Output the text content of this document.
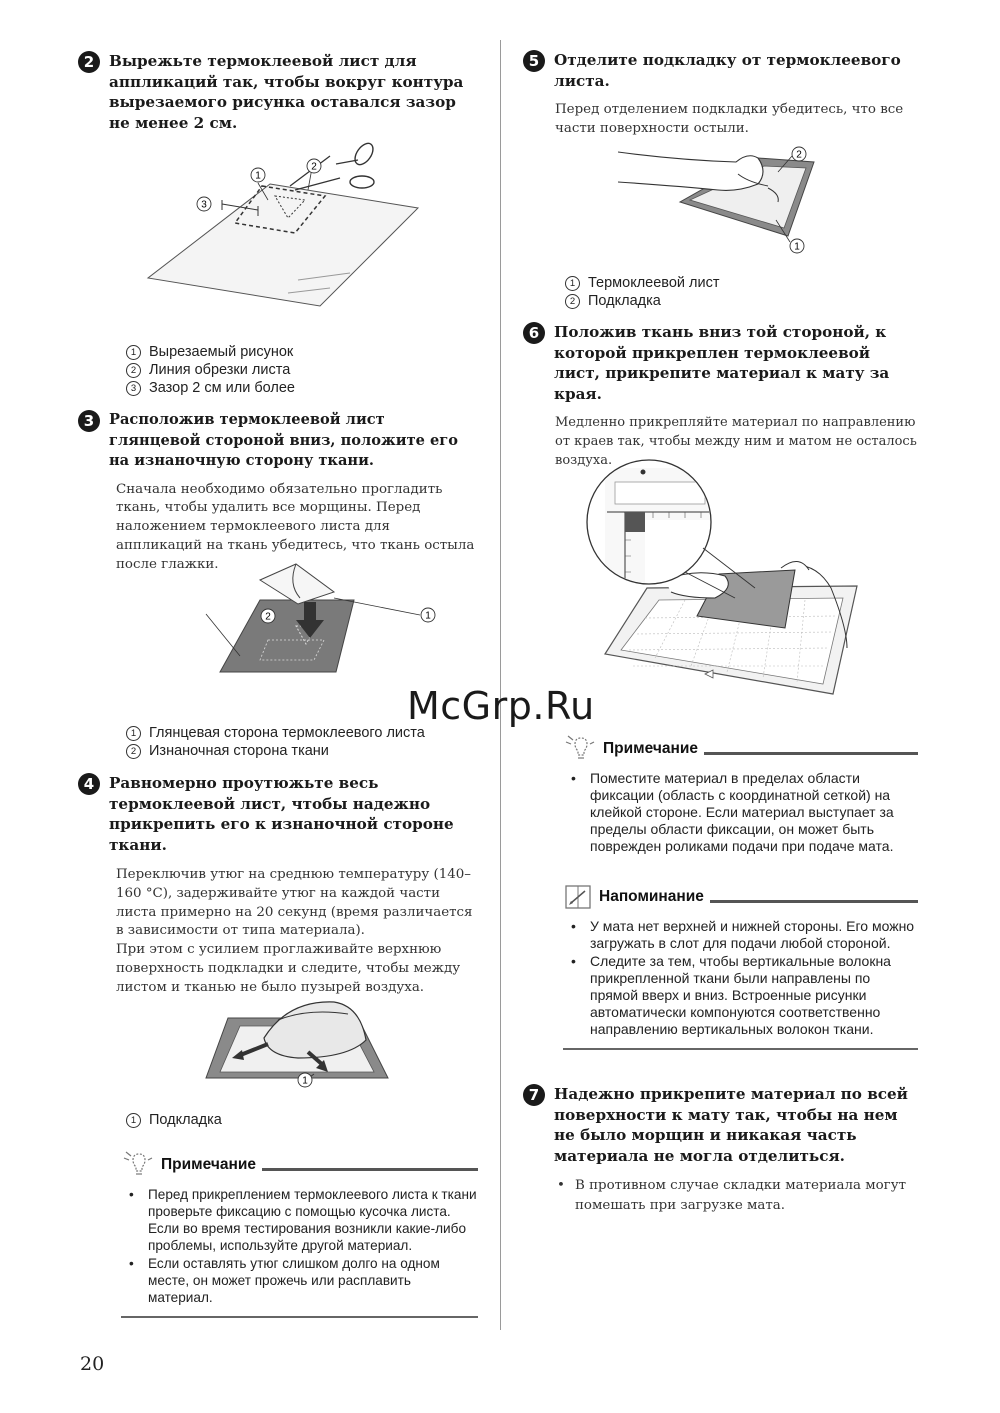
2 Вырежьте термоклеевой лист для аппликаций так, чтобы вокруг контура вырезаемого рисунка оставался зазор не менее 2 см.
1
2
3
1 Вырезаемый рисунок
2 Линия обрезки листа
3 Зазор 2 см или более
3	Расположив термоклеевой лист глянцевой стороной вниз, положите его на изнаночную сторону ткани.
Сначала необходимо обязательно прогладить ткань, чтобы удалить все морщины. Перед наложением термоклеевого листа для аппликаций на ткань убедитесь, что ткань остыла после глажки.
2	1
1 Глянцевая сторона термоклеевого листа
2 Изнаночная сторона ткани
4 Равномерно проутюжьте весь термоклеевой лист, чтобы надежно прикрепить его к изнаночной стороне ткани.
Переключив утюг на среднюю температуру (140–160 °C), задерживайте утюг на каждой части листа примерно на 20 секунд (время различается в зависимости от типа материала).
При этом с усилием проглаживайте верхнюю поверхность подкладки и следите, чтобы между листом и тканью не было пузырей воздуха.
1
1 Подкладка
Примечание
• Перед прикреплением термоклеевого листа к ткани проверьте фиксацию с помощью кусочка листа. Если во время тестирования возникли какие-либо проблемы, используйте другой материал.
• Если оставлять утюг слишком долго на одном месте, он может прожечь или расплавить материал.
20
5 Отделите подкладку от термоклеевого листа.
Перед отделением подкладки убедитесь, что все части поверхности остыли.
2
1
1 Термоклеевой лист
2 Подкладка
6 Положив ткань вниз той стороной, к которой прикреплен термоклеевой лист, прикрепите материал к мату за края.
Медленно прикрепляйте материал по направлению от краев так, чтобы между ним и матом не осталось воздуха.
Примечание
• Поместите материал в пределах области фиксации (область с координатной сеткой) на клейкой стороне. Если материал выступает за пределы области фиксации, он может быть поврежден роликами подачи при подаче мата.
Напоминание
• У мата нет верхней и нижней стороны. Его можно загружать в слот для подачи любой стороной.
• Следите за тем, чтобы вертикальные волокна прикрепленной ткани были направлены по прямой вверх и вниз. Встроенные рисунки автоматически компонуются соответственно направлению вертикальных волокон ткани.
7 Надежно прикрепите материал по всей поверхности к мату так, чтобы на нем не было морщин и никакая часть материала не могла отделиться.
• В противном случае складки материала могут помешать при загрузке мата.
McGrp.Ru
